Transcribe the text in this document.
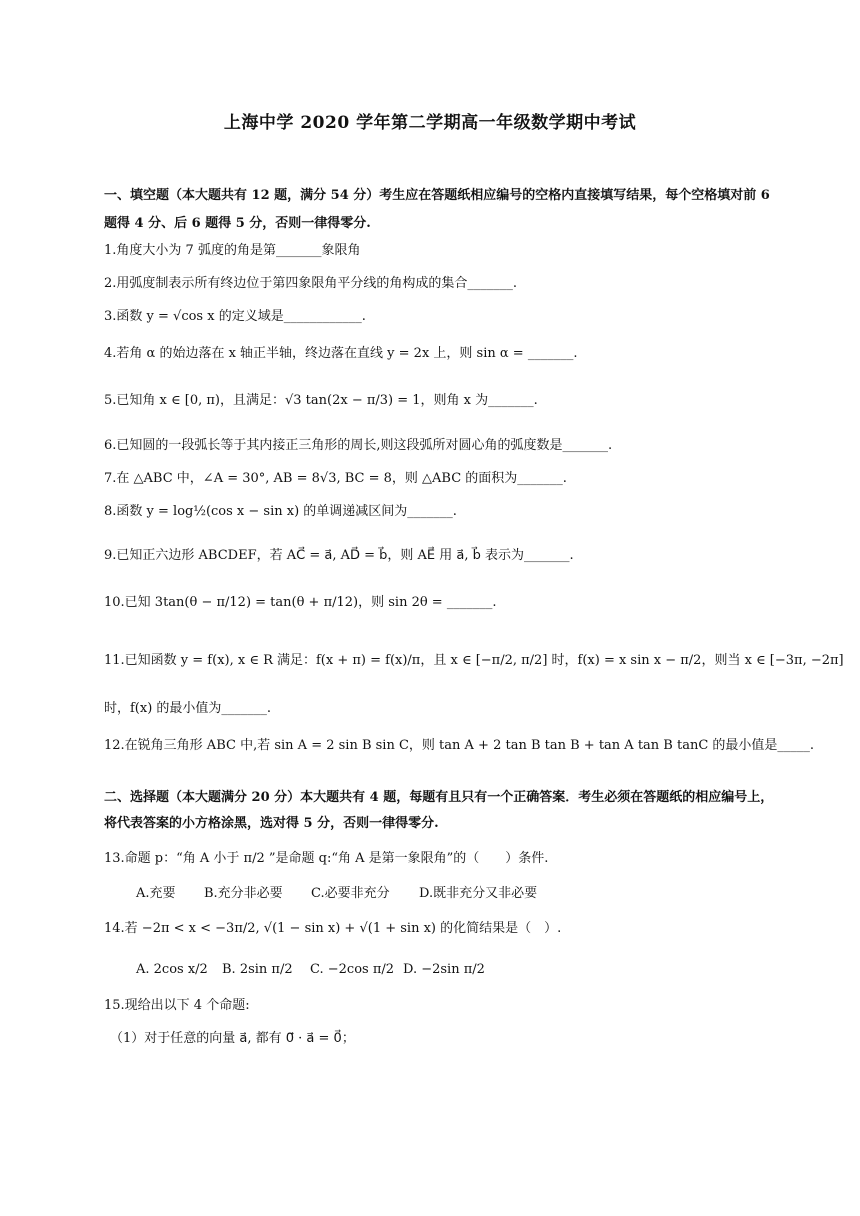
上海中学 2020 学年第二学期高一年级数学期中考试
一、填空题（本大题共有 12 题，满分 54 分）考生应在答题纸相应编号的空格内直接填写结果，每个空格填对前 6
题得 4 分、后 6 题得 5 分，否则一律得零分.
1.角度大小为 7 弧度的角是第_______象限角
2.用弧度制表示所有终边位于第四象限角平分线的角构成的集合_______.
3.函数 y = √cos x 的定义域是____________.
4.若角 α 的始边落在 x 轴正半轴，终边落在直线 y = 2x 上，则 sin α = _______.
5.已知角 x ∈ [0, π)，且满足：√3 tan(2x − π/3) = 1，则角 x 为_______.
6.已知圆的一段弧长等于其内接正三角形的周长,则这段弧所对圆心角的弧度数是_______.
7.在 △ABC 中，∠A = 30°, AB = 8√3, BC = 8，则 △ABC 的面积为_______.
8.函数 y = log½(cos x − sin x) 的单调递减区间为_______.
9.已知正六边形 ABCDEF，若 AC⃗ = a⃗, AD⃗ = b⃗，则 AE⃗ 用 a⃗, b⃗ 表示为_______.
10.已知 3tan(θ − π/12) = tan(θ + π/12)，则 sin 2θ = _______.
11.已知函数 y = f(x), x ∈ R 满足：f(x + π) = f(x)/π，且 x ∈ [−π/2, π/2] 时，f(x) = x sin x − π/2，则当 x ∈ [−3π, −2π]
时，f(x) 的最小值为_______.
12.在锐角三角形 ABC 中,若 sin A = 2 sin B sin C，则 tan A + 2 tan B tan B + tan A tan B tanC 的最小值是_____.
二、选择题（本大题满分 20 分）本大题共有 4 题，每题有且只有一个正确答案．考生必须在答题纸的相应编号上，
将代表答案的小方格涂黑，选对得 5 分，否则一律得零分.
13.命题 p：“角 A 小于 π/2 ”是命题 q:“角 A 是第一象限角”的（　　）条件.
A.充要 B.充分非必要 C.必要非充分 D.既非充分又非必要
14.若 −2π < x < −3π/2, √(1 − sin x) + √(1 + sin x) 的化简结果是（　）.
A. 2cos x/2 B. 2sin π/2 C. −2cos π/2 D. −2sin π/2
15.现给出以下 4 个命题:
（1）对于任意的向量 a⃗, 都有 0⃗ · a⃗ = 0⃗；
